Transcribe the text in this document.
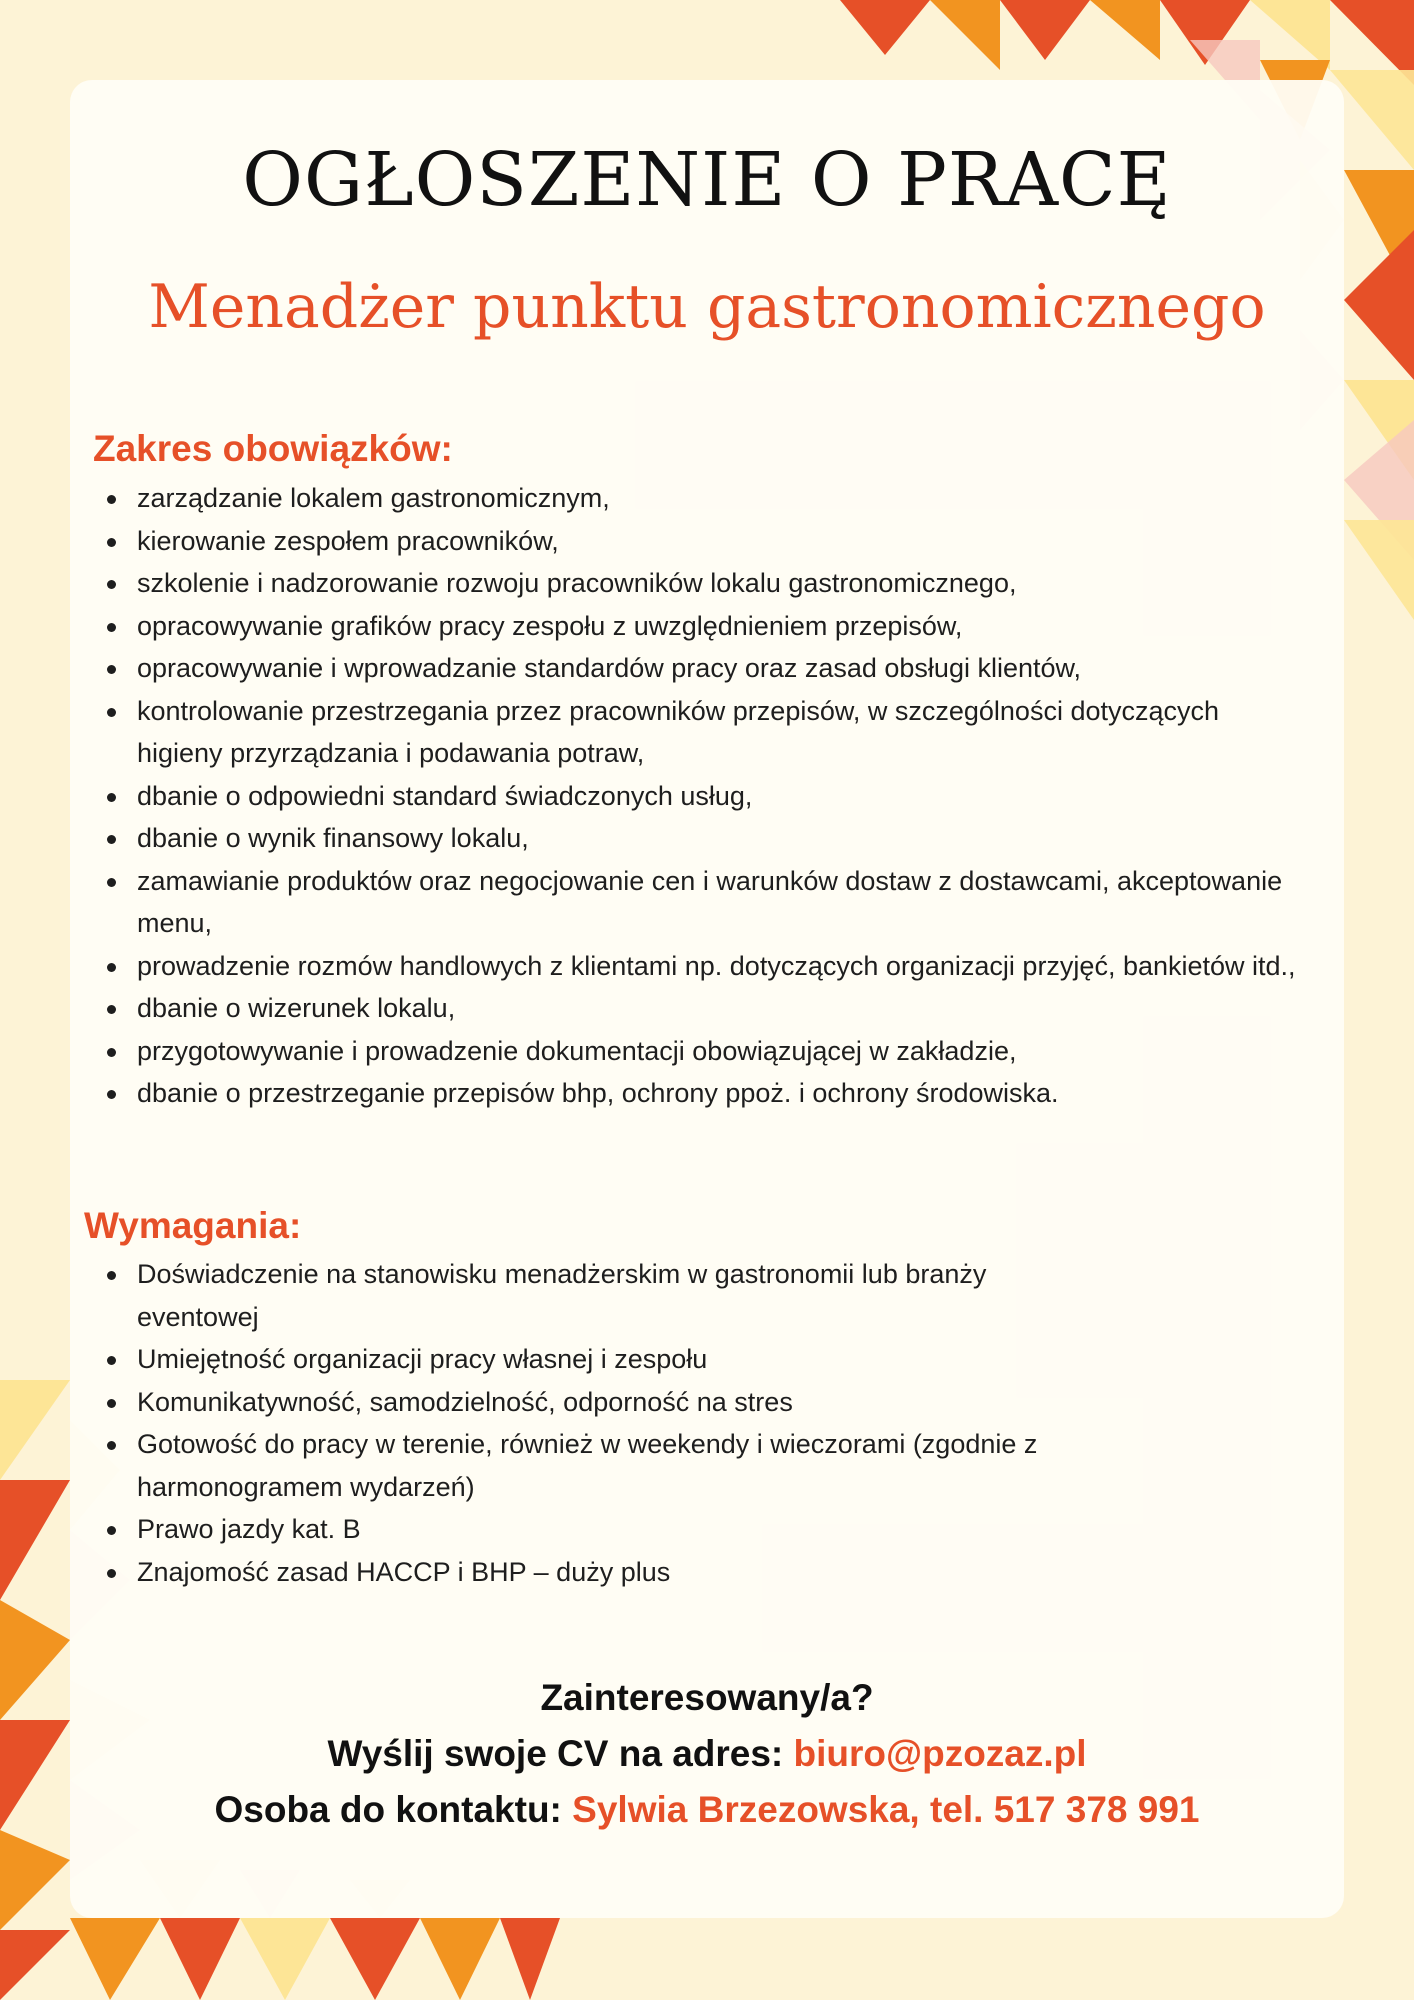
OGŁOSZENIE O PRACĘ
Menadżer punktu gastronomicznego
Zakres obowiązków:
zarządzanie lokalem gastronomicznym,
kierowanie zespołem pracowników,
szkolenie i nadzorowanie rozwoju pracowników lokalu gastronomicznego,
opracowywanie grafików pracy zespołu z uwzględnieniem przepisów,
opracowywanie i wprowadzanie standardów pracy oraz zasad obsługi klientów,
kontrolowanie przestrzegania przez pracowników przepisów, w szczególności dotyczących higieny przyrządzania i podawania potraw,
dbanie o odpowiedni standard świadczonych usług,
dbanie o wynik finansowy lokalu,
zamawianie produktów oraz negocjowanie cen i warunków dostaw z dostawcami, akceptowanie menu,
prowadzenie rozmów handlowych z klientami np. dotyczących organizacji przyjęć, bankietów itd.,
dbanie o wizerunek lokalu,
przygotowywanie i prowadzenie dokumentacji obowiązującej w zakładzie,
dbanie o przestrzeganie przepisów bhp, ochrony ppoż. i ochrony środowiska.
Wymagania:
Doświadczenie na stanowisku menadżerskim w gastronomii lub branży eventowej
Umiejętność organizacji pracy własnej i zespołu
Komunikatywność, samodzielność, odporność na stres
Gotowość do pracy w terenie, również w weekendy i wieczorami (zgodnie z harmonogramem wydarzeń)
Prawo jazdy kat. B
Znajomość zasad HACCP i BHP – duży plus

Zainteresowany/a?

Wyślij swoje CV na adres: biuro@pzozaz.pl

Osoba do kontaktu: Sylwia Brzezowska, tel. 517 378 991
